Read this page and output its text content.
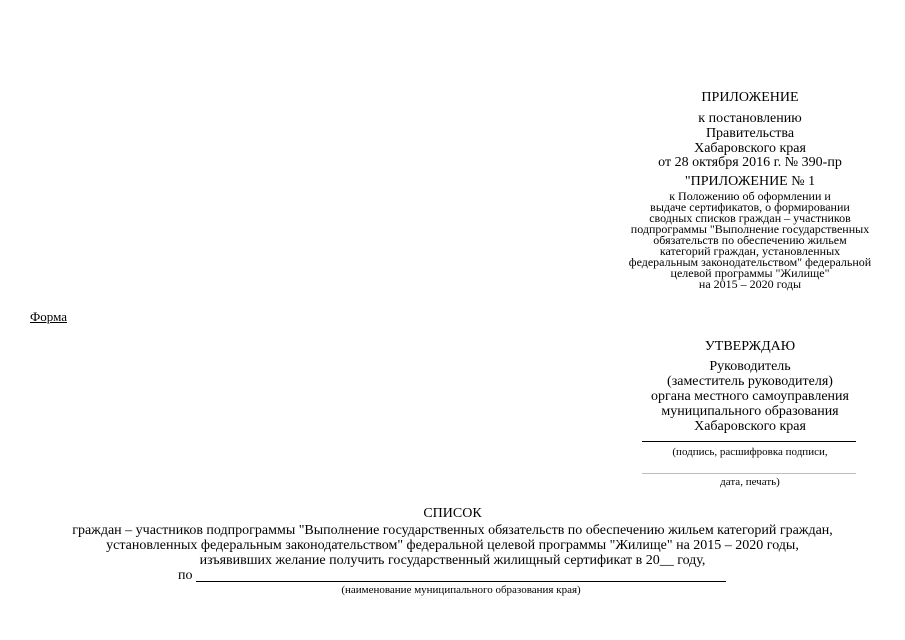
ПРИЛОЖЕНИЕ
к постановлению
Правительства
Хабаровского края
от 28 октября 2016 г. № 390-пр
"ПРИЛОЖЕНИЕ № 1
к Положению об оформлении и
выдаче сертификатов, о формировании
сводных списков граждан – участников
подпрограммы "Выполнение государственных
обязательств по обеспечению жильем
категорий граждан, установленных
федеральным законодательством" федеральной
целевой программы "Жилище"
на 2015 – 2020 годы
Форма
УТВЕРЖДАЮ
Руководитель
(заместитель руководителя)
органа местного самоуправления
муниципального образования
Хабаровского края
(подпись, расшифровка подписи,
дата, печать)
СПИСОК
граждан – участников подпрограммы "Выполнение государственных обязательств по обеспечению жильем категорий граждан,
установленных федеральным законодательством" федеральной целевой программы "Жилище" на 2015 – 2020 годы,
изъявивших желание получить государственный жилищный сертификат в 20__ году,
по
(наименование муниципального образования края)
